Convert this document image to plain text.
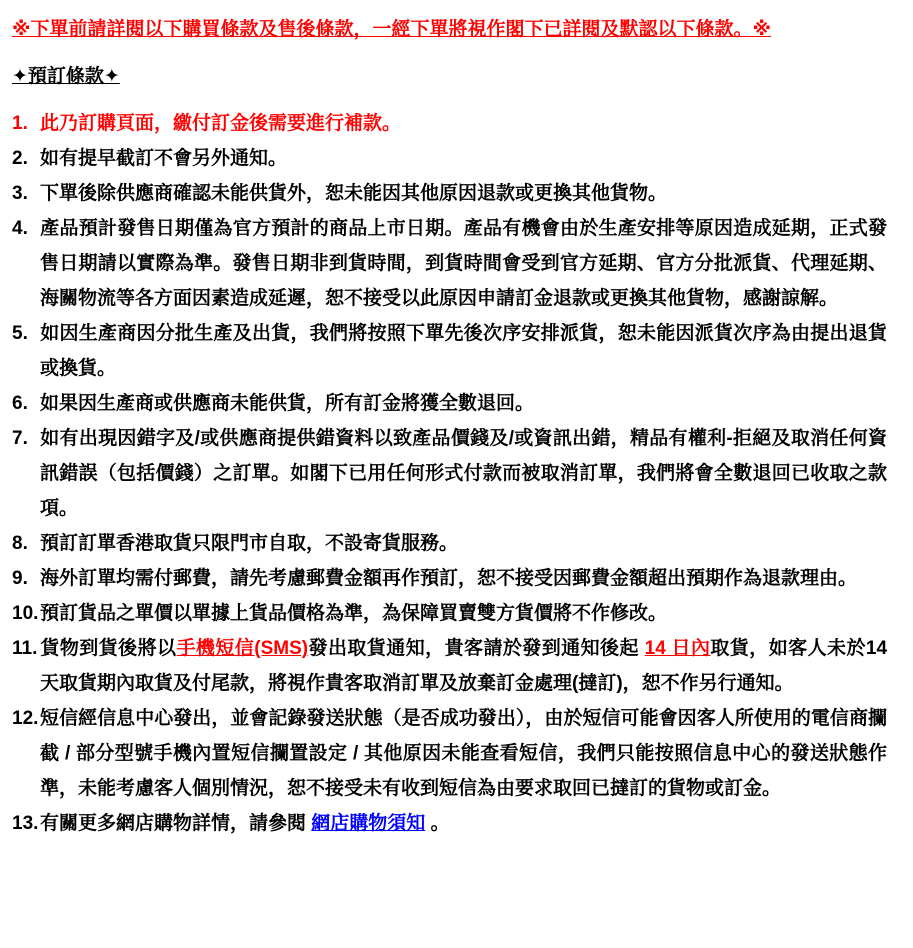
※下單前請詳閱以下購買條款及售後條款，一經下單將視作閣下已詳閱及默認以下條款。※
✦預訂條款✦
1. 此乃訂購頁面，繳付訂金後需要進行補款。
2. 如有提早截訂不會另外通知。
3. 下單後除供應商確認未能供貨外，恕未能因其他原因退款或更換其他貨物。
4. 產品預計發售日期僅為官方預計的商品上市日期。產品有機會由於生產安排等原因造成延期，正式發售日期請以實際為準。發售日期非到貨時間，到貨時間會受到官方延期、官方分批派貨、代理延期、海關物流等各方面因素造成延遲，恕不接受以此原因申請訂金退款或更換其他貨物，感謝諒解。
5. 如因生產商因分批生產及出貨，我們將按照下單先後次序安排派貨，恕未能因派貨次序為由提出退貨或換貨。
6. 如果因生產商或供應商未能供貨，所有訂金將獲全數退回。
7. 如有出現因錯字及/或供應商提供錯資料以致產品價錢及/或資訊出錯，精品有權利-拒絕及取消任何資訊錯誤（包括價錢）之訂單。如閣下已用任何形式付款而被取消訂單，我們將會全數退回已收取之款項。
8. 預訂訂單香港取貨只限門市自取，不設寄貨服務。
9. 海外訂單均需付郵費，請先考慮郵費金額再作預訂，恕不接受因郵費金額超出預期作為退款理由。
10.預訂貨品之單價以單據上貨品價格為準，為保障買賣雙方貨價將不作修改。
11. 貨物到貨後將以手機短信(SMS)發出取貨通知，貴客請於發到通知後起 14 日內取貨，如客人未於14 天取貨期內取貨及付尾款，將視作貴客取消訂單及放棄訂金處理(撻訂)，恕不作另行通知。
12.短信經信息中心發出，並會記錄發送狀態（是否成功發出），由於短信可能會因客人所使用的電信商攔截 / 部分型號手機內置短信攔置設定 / 其他原因未能查看短信，我們只能按照信息中心的發送狀態作準，未能考慮客人個別情況，恕不接受未有收到短信為由要求取回已撻訂的貨物或訂金。
13.有關更多網店購物詳情，請參閱 網店購物須知 。
